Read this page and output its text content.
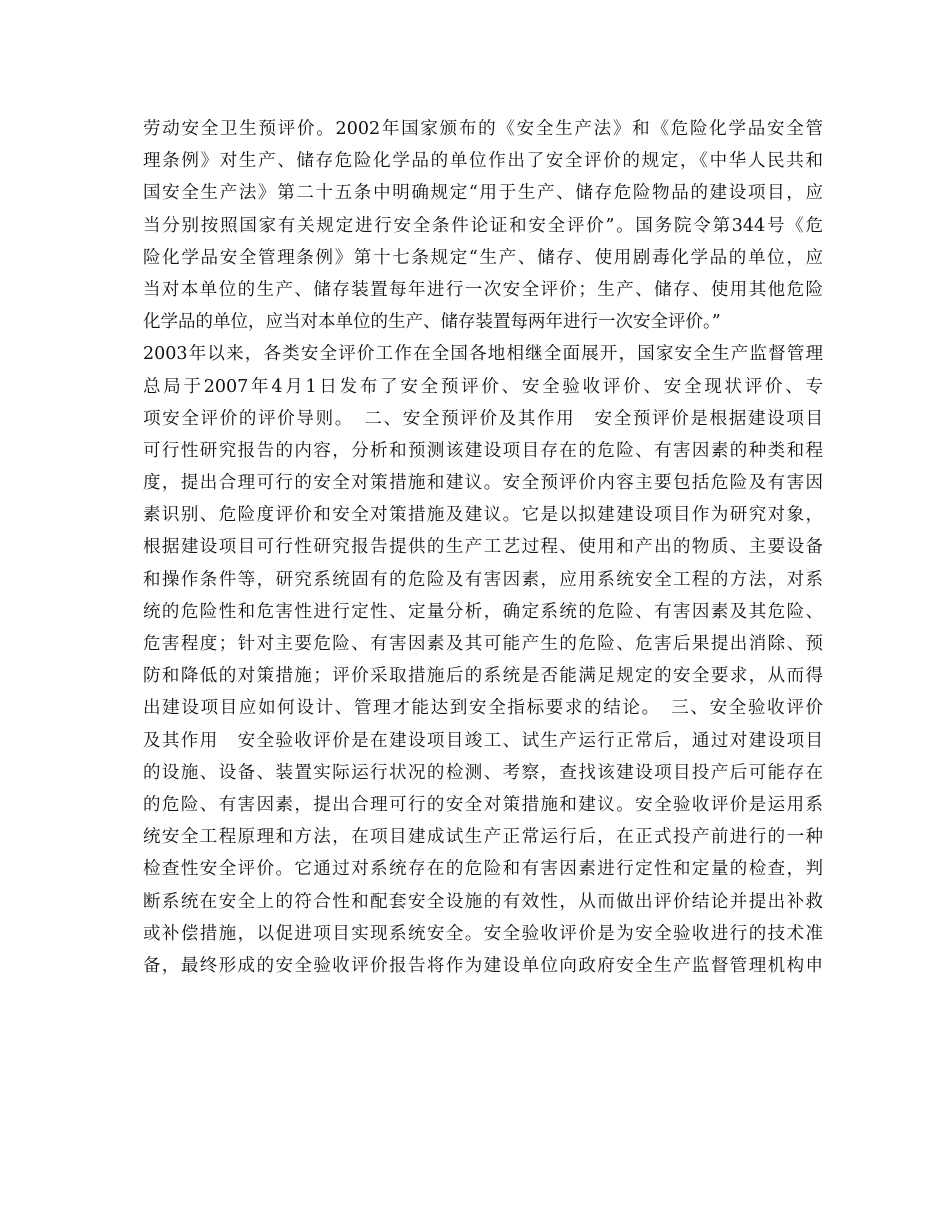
劳动安全卫生预评价。2002年国家颁布的《安全生产法》和《危险化学品安全管
理条例》对生产、储存危险化学品的单位作出了安全评价的规定，《中华人民共和
国安全生产法》第二十五条中明确规定“用于生产、储存危险物品的建设项目，应
当分别按照国家有关规定进行安全条件论证和安全评价”。国务院令第344号《危
险化学品安全管理条例》第十七条规定“生产、储存、使用剧毒化学品的单位，应
当对本单位的生产、储存装置每年进行一次安全评价；生产、储存、使用其他危险
化学品的单位，应当对本单位的生产、储存装置每两年进行一次安全评价。”
2003年以来，各类安全评价工作在全国各地相继全面展开，国家安全生产监督管理
总局于2007年4月1日发布了安全预评价、安全验收评价、安全现状评价、专
项安全评价的评价导则。　二、安全预评价及其作用　安全预评价是根据建设项目
可行性研究报告的内容，分析和预测该建设项目存在的危险、有害因素的种类和程
度，提出合理可行的安全对策措施和建议。安全预评价内容主要包括危险及有害因
素识别、危险度评价和安全对策措施及建议。它是以拟建建设项目作为研究对象，
根据建设项目可行性研究报告提供的生产工艺过程、使用和产出的物质、主要设备
和操作条件等，研究系统固有的危险及有害因素，应用系统安全工程的方法，对系
统的危险性和危害性进行定性、定量分析，确定系统的危险、有害因素及其危险、
危害程度；针对主要危险、有害因素及其可能产生的危险、危害后果提出消除、预
防和降低的对策措施；评价采取措施后的系统是否能满足规定的安全要求，从而得
出建设项目应如何设计、管理才能达到安全指标要求的结论。　三、安全验收评价
及其作用　安全验收评价是在建设项目竣工、试生产运行正常后，通过对建设项目
的设施、设备、装置实际运行状况的检测、考察，查找该建设项目投产后可能存在
的危险、有害因素，提出合理可行的安全对策措施和建议。安全验收评价是运用系
统安全工程原理和方法，在项目建成试生产正常运行后，在正式投产前进行的一种
检查性安全评价。它通过对系统存在的危险和有害因素进行定性和定量的检查，判
断系统在安全上的符合性和配套安全设施的有效性，从而做出评价结论并提出补救
或补偿措施，以促进项目实现系统安全。安全验收评价是为安全验收进行的技术准
备，最终形成的安全验收评价报告将作为建设单位向政府安全生产监督管理机构申
